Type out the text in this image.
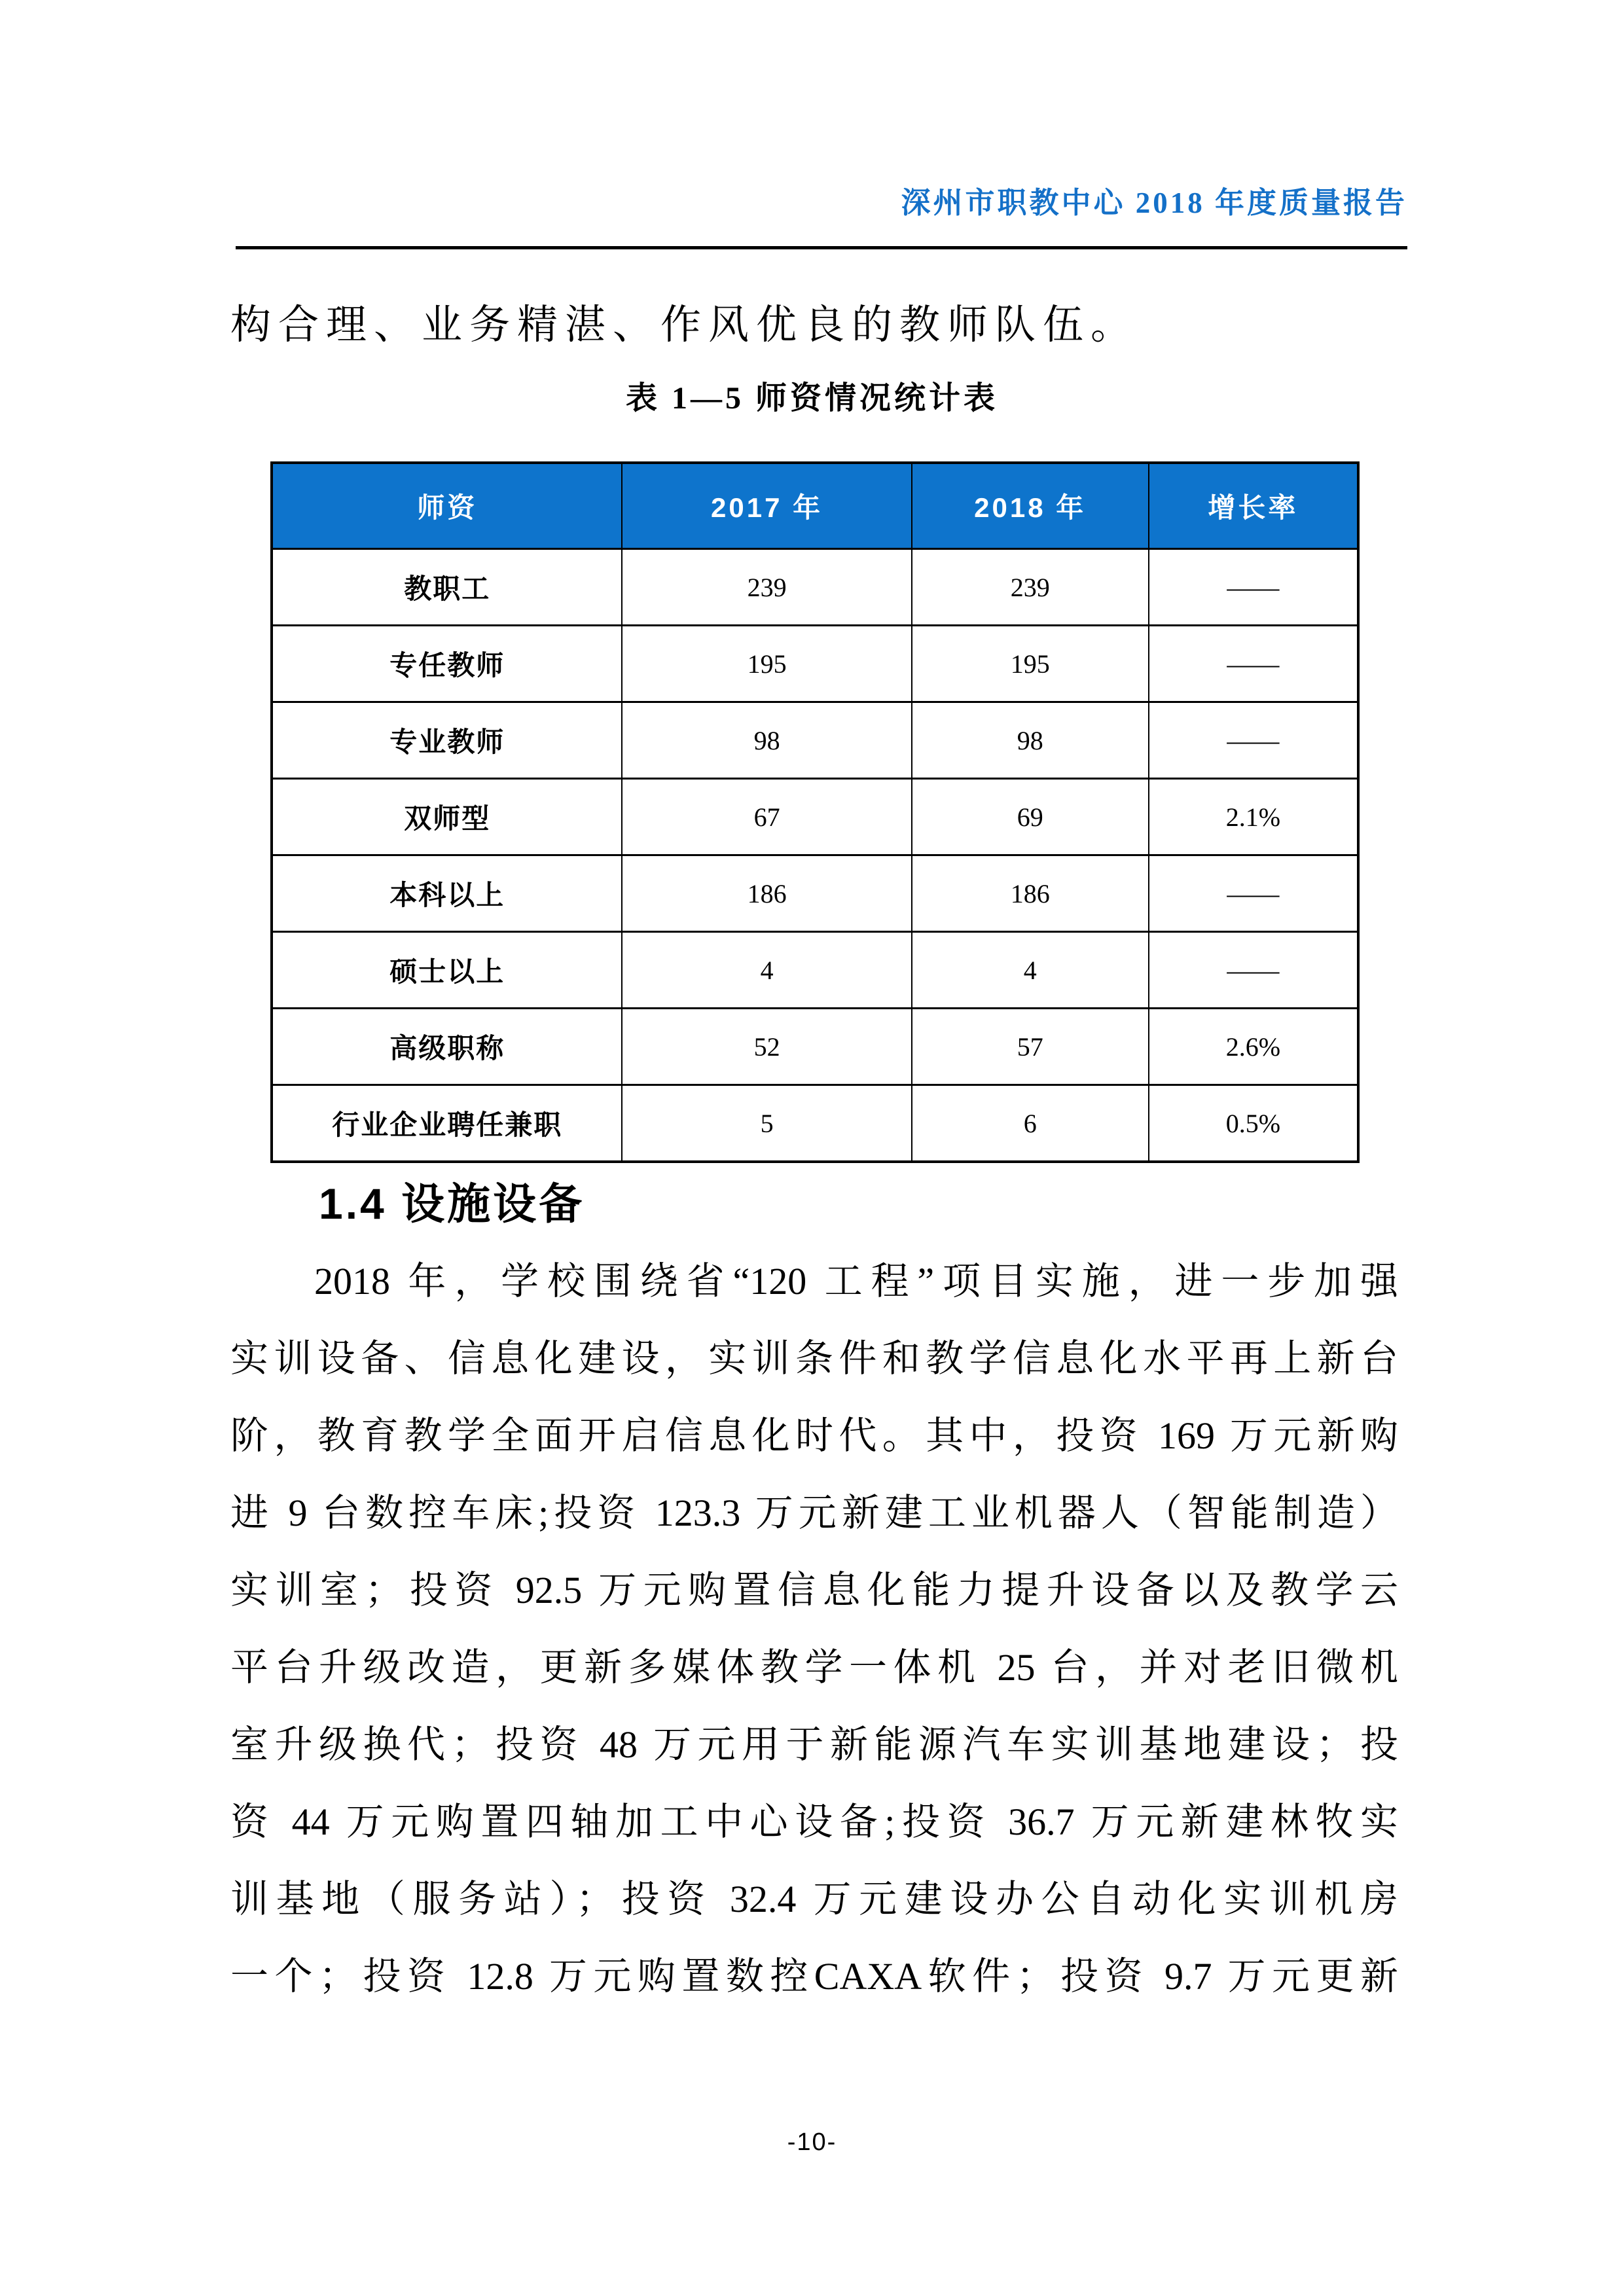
深州市职教中心 2018 年度质量报告
构合理、业务精湛、作风优良的教师队伍。
表 1—5 师资情况统计表
师资	2017 年	2018 年	增长率
教职工	239	239	——
专任教师	195	195	——
专业教师	98	98	——
双师型	67	69	2.1%
本科以上	186	186	——
硕士以上	4	4	——
高级职称	52	57	2.6%
行业企业聘任兼职	5	6	0.5%
1.4 设施设备
2018 年，学校围绕省“120 工程”项目实施，进一步加强
实训设备、信息化建设，实训条件和教学信息化水平再上新台
阶，教育教学全面开启信息化时代。其中，投资 169 万元新购
进 9 台数控车床;投资 123.3 万元新建工业机器人（智能制造）
实训室；投资 92.5 万元购置信息化能力提升设备以及教学云
平台升级改造，更新多媒体教学一体机 25 台，并对老旧微机
室升级换代；投资 48 万元用于新能源汽车实训基地建设；投
资 44 万元购置四轴加工中心设备;投资 36.7 万元新建林牧实
训基地（服务站）；投资 32.4 万元建设办公自动化实训机房
一个；投资 12.8 万元购置数控CAXA软件；投资 9.7 万元更新
-10-
